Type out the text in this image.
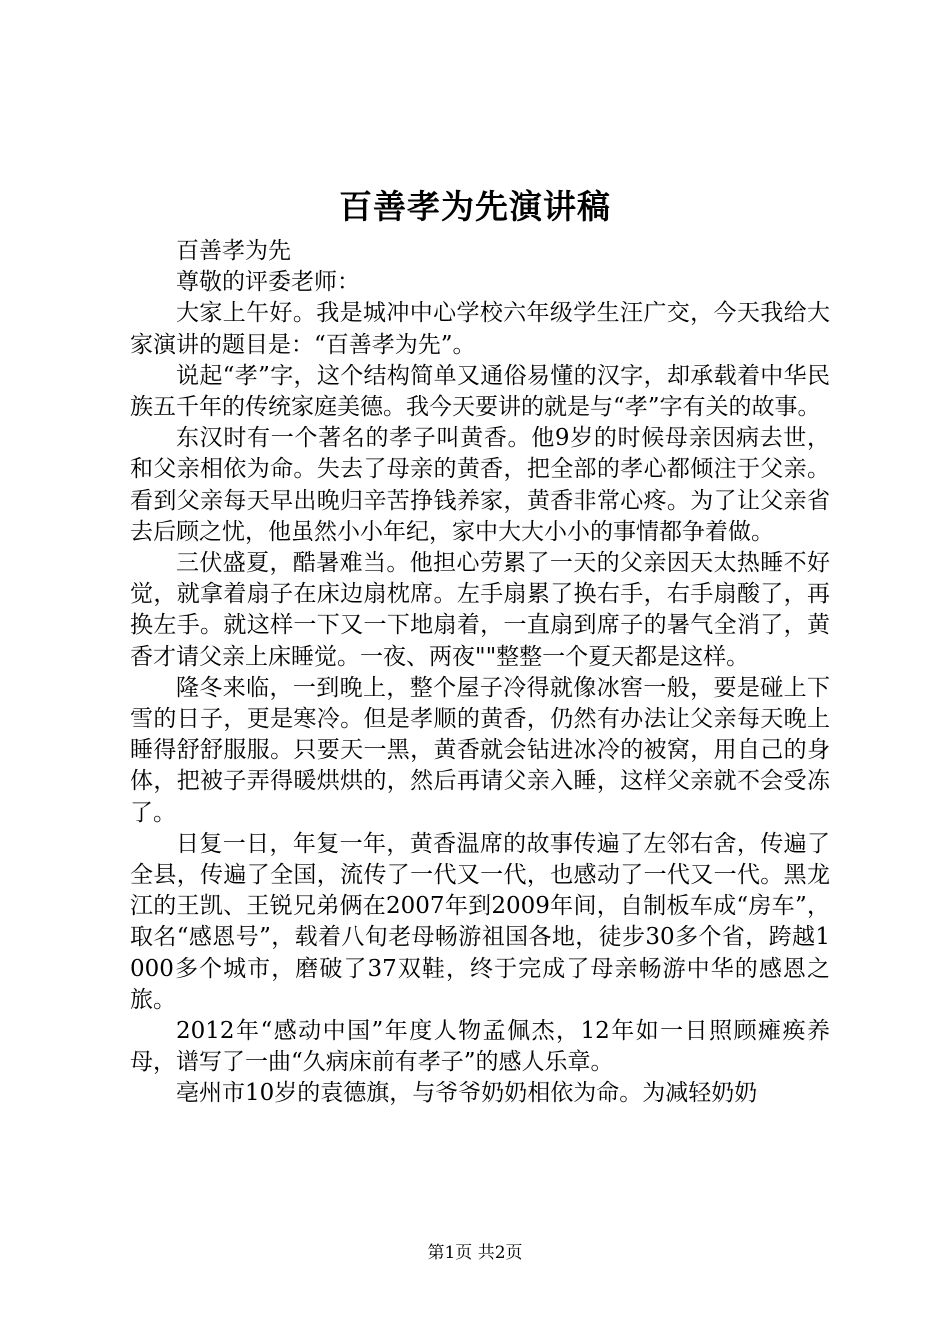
百善孝为先演讲稿

百善孝为先

尊敬的评委老师：

大家上午好。我是城冲中心学校六年级学生汪广交，今天我给大家演讲的题目是：“百善孝为先”。

说起“孝”字，这个结构简单又通俗易懂的汉字，却承载着中华民族五千年的传统家庭美德。我今天要讲的就是与“孝”字有关的故事。

东汉时有一个著名的孝子叫黄香。他9岁的时候母亲因病去世，和父亲相依为命。失去了母亲的黄香，把全部的孝心都倾注于父亲。看到父亲每天早出晚归辛苦挣钱养家，黄香非常心疼。为了让父亲省去后顾之忧，他虽然小小年纪，家中大大小小的事情都争着做。

三伏盛夏，酷暑难当。他担心劳累了一天的父亲因天太热睡不好觉，就拿着扇子在床边扇枕席。左手扇累了换右手，右手扇酸了，再换左手。就这样一下又一下地扇着，一直扇到席子的暑气全消了，黄香才请父亲上床睡觉。一夜、两夜""整整一个夏天都是这样。

隆冬来临，一到晚上，整个屋子冷得就像冰窖一般，要是碰上下雪的日子，更是寒冷。但是孝顺的黄香，仍然有办法让父亲每天晚上睡得舒舒服服。只要天一黑，黄香就会钻进冰冷的被窝，用自己的身体，把被子弄得暖烘烘的，然后再请父亲入睡，这样父亲就不会受冻了。

日复一日，年复一年，黄香温席的故事传遍了左邻右舍，传遍了全县，传遍了全国，流传了一代又一代，也感动了一代又一代。黑龙江的王凯、王锐兄弟俩在2007年到2009年间，自制板车成“房车”，取名“感恩号”，载着八旬老母畅游祖国各地，徒步30多个省，跨越1000多个城市，磨破了37双鞋，终于完成了母亲畅游中华的感恩之旅。

2012年“感动中国”年度人物孟佩杰，12年如一日照顾瘫痪养母，谱写了一曲“久病床前有孝子”的感人乐章。

亳州市10岁的袁德旗，与爷爷奶奶相依为命。为减轻奶奶

第1页 共2页
